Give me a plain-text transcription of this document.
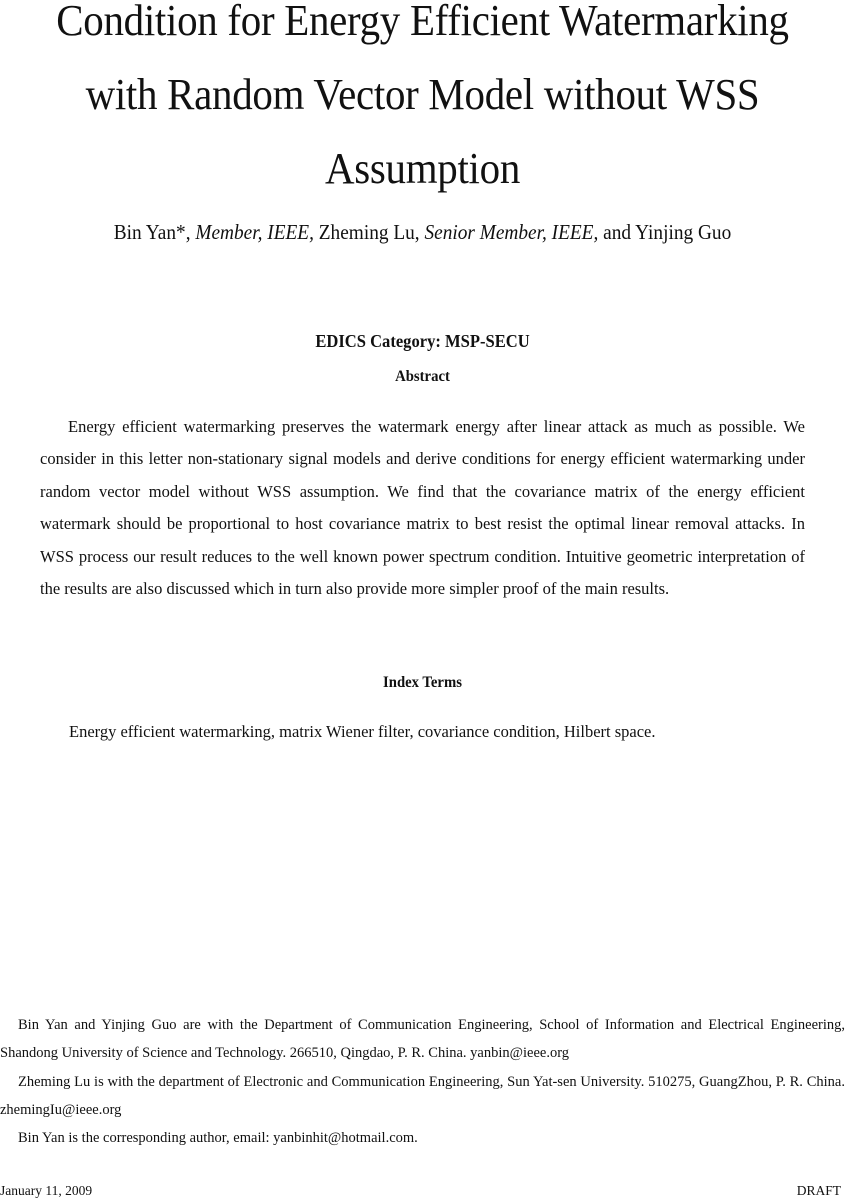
Condition for Energy Efficient Watermarking
with Random Vector Model without WSS
Assumption
Bin Yan*, Member, IEEE, Zheming Lu, Senior Member, IEEE, and Yinjing Guo
EDICS Category: MSP-SECU
Abstract
Energy efficient watermarking preserves the watermark energy after linear attack as much as possible. We consider in this letter non-stationary signal models and derive conditions for energy efficient watermarking under random vector model without WSS assumption. We find that the covariance matrix of the energy efficient watermark should be proportional to host covariance matrix to best resist the optimal linear removal attacks. In WSS process our result reduces to the well known power spectrum condition. Intuitive geometric interpretation of the results are also discussed which in turn also provide more simpler proof of the main results.
Index Terms
Energy efficient watermarking, matrix Wiener filter, covariance condition, Hilbert space.

Bin Yan and Yinjing Guo are with the Department of Communication Engineering, School of Information and Electrical Engineering, Shandong University of Science and Technology. 266510, Qingdao, P. R. China. yanbin@ieee.org

Zheming Lu is with the department of Electronic and Communication Engineering, Sun Yat-sen University. 510275, GuangZhou, P. R. China. zhemingIu@ieee.org

Bin Yan is the corresponding author, email: yanbinhit@hotmail.com.

January 11, 2009	DRAFT
